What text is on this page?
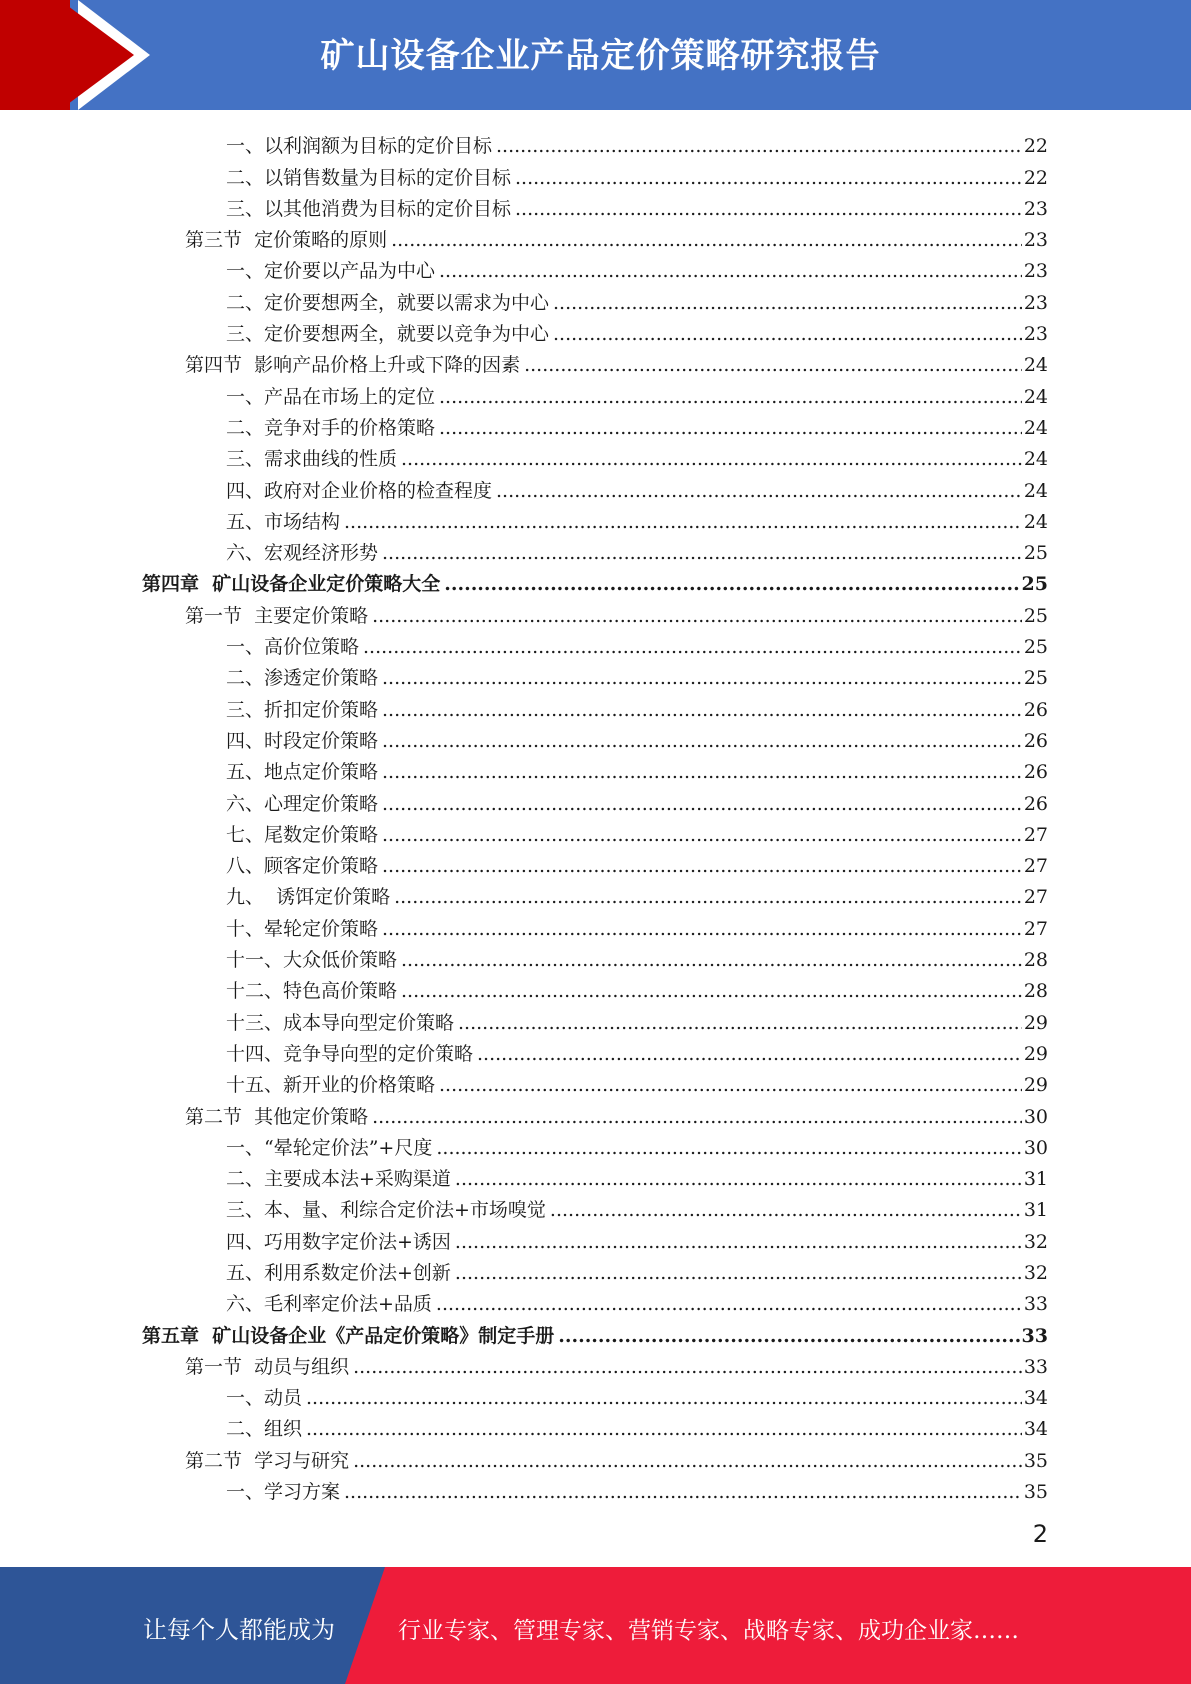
矿山设备企业产品定价策略研究报告
一、以利润额为目标的定价目标 .....	22
二、以销售数量为目标的定价目标 .....	22
三、以其他消费为目标的定价目标 .....	23
第三节  定价策略的原则 .....	23
一、定价要以产品为中心 .....	23
二、定价要想两全，就要以需求为中心 .....	23
三、定价要想两全，就要以竞争为中心 .....	23
第四节  影响产品价格上升或下降的因素 .....	24
一、产品在市场上的定位 .....	24
二、竞争对手的价格策略 .....	24
三、需求曲线的性质 .....	24
四、政府对企业价格的检查程度 .....	24
五、市场结构 .....	24
六、宏观经济形势 .....	25
第四章  矿山设备企业定价策略大全 .....	25
第一节  主要定价策略 .....	25
一、高价位策略 .....	25
二、渗透定价策略 .....	25
三、折扣定价策略 .....	26
四、时段定价策略 .....	26
五、地点定价策略 .....	26
六、心理定价策略 .....	26
七、尾数定价策略 .....	27
八、顾客定价策略 .....	27
九、  诱饵定价策略 .....	27
十、晕轮定价策略 .....	27
十一、大众低价策略 .....	28
十二、特色高价策略 .....	28
十三、成本导向型定价策略 .....	29
十四、竞争导向型的定价策略 .....	29
十五、新开业的价格策略 .....	29
第二节  其他定价策略 .....	30
一、“晕轮定价法”+尺度 .....	30
二、主要成本法+采购渠道 .....	31
三、本、量、利综合定价法+市场嗅觉 .....	31
四、巧用数字定价法+诱因 .....	32
五、利用系数定价法+创新 .....	32
六、毛利率定价法+品质 .....	33
第五章  矿山设备企业《产品定价策略》制定手册 .....	33
第一节  动员与组织 .....	33
一、动员 .....	34
二、组织 .....	34
第二节  学习与研究 .....	35
一、学习方案 .....	35
2
让每个人都能成为	行业专家、管理专家、营销专家、战略专家、成功企业家……
